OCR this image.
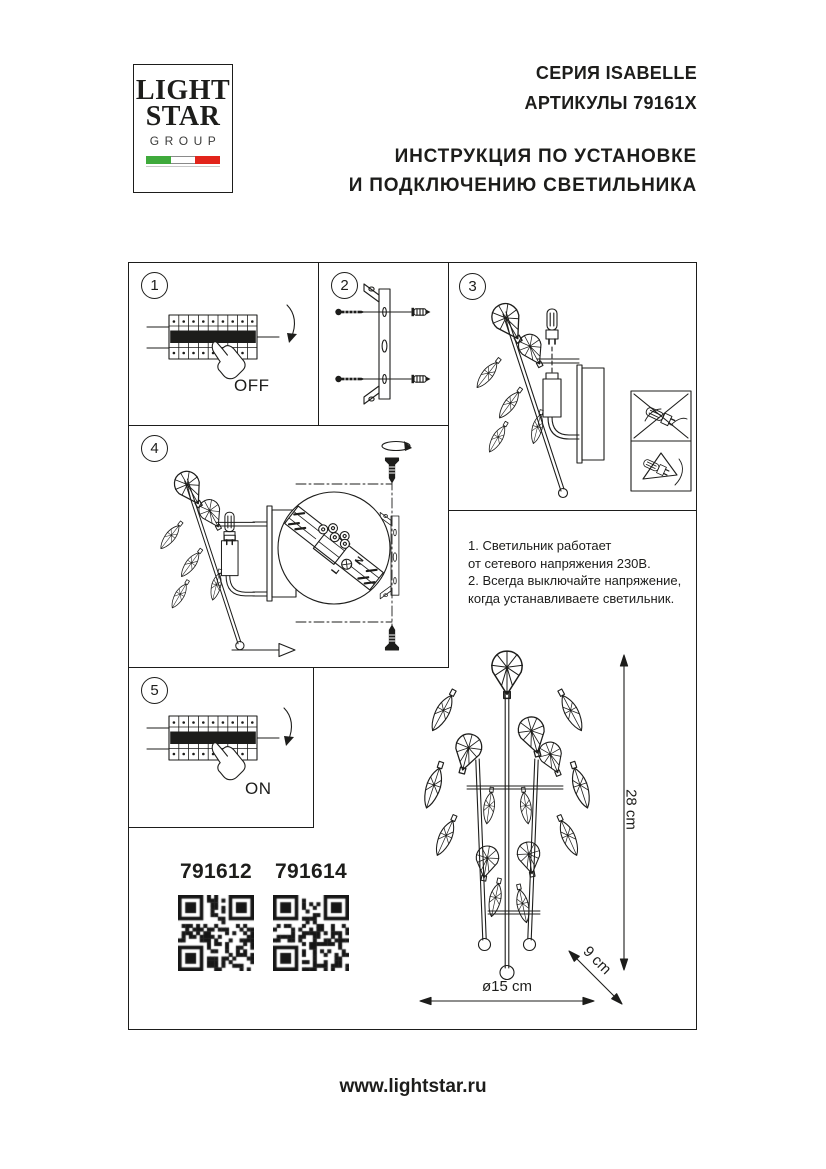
LIGHT
STAR
GROUP
СЕРИЯ ISABELLE
АРТИКУЛЫ 79161X
ИНСТРУКЦИЯ ПО УСТАНОВКЕ
И ПОДКЛЮЧЕНИЮ СВЕТИЛЬНИКА
1
OFF
2	3
L
N
4
5
ON
1. Светильник работает
от сетевого напряжения 230В.
2. Всегда выключайте напряжение,
когда устанавливаете светильник.
791612 791614
28 cm
9 cm
ø15 cm
www.lightstar.ru
